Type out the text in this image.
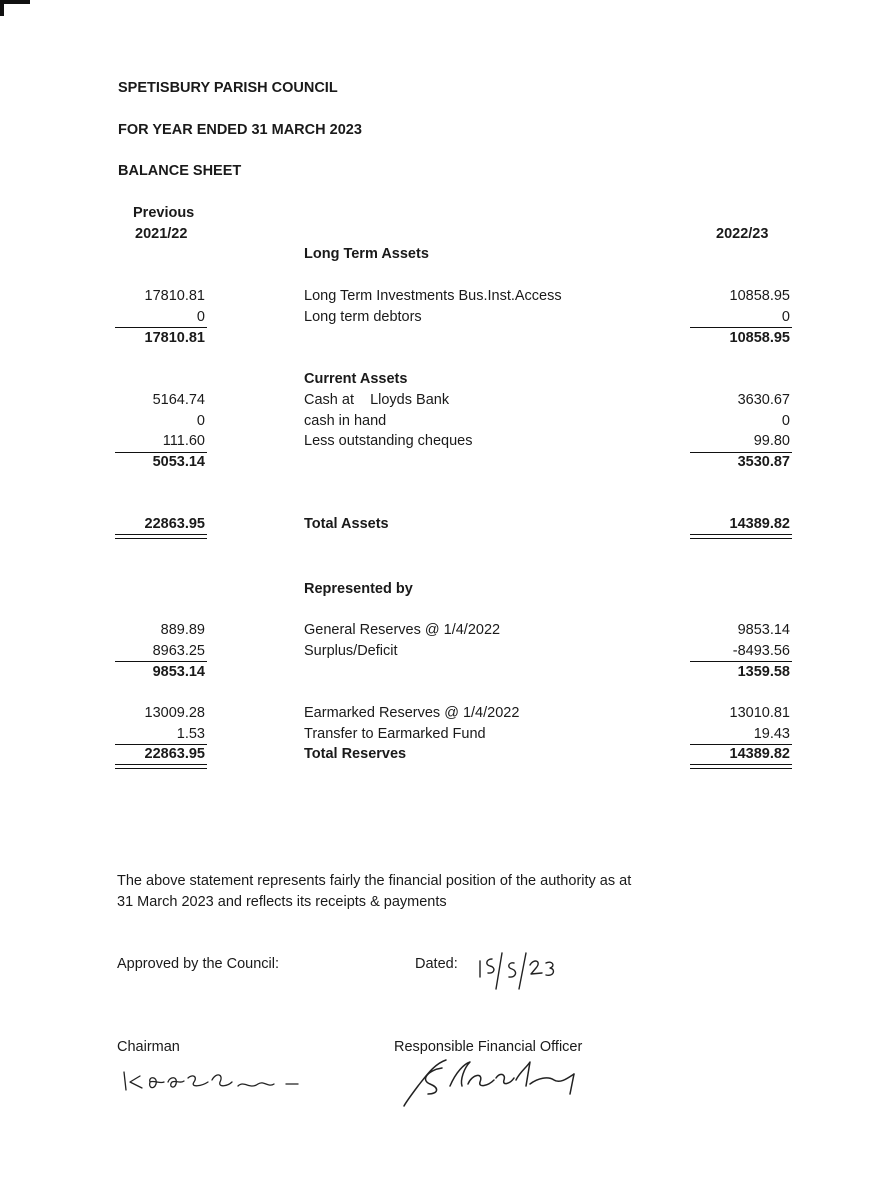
SPETISBURY PARISH COUNCIL
FOR YEAR ENDED 31 MARCH 2023
BALANCE SHEET
Previous
2021/22	2022/23
Long Term Assets
17810.81	Long Term Investments Bus.Inst.Access	10858.95
0	Long term debtors	0
17810.81	10858.95
Current Assets
5164.74	Cash at    Lloyds Bank	3630.67
0	cash in hand	0
111.60	Less outstanding cheques	99.80
5053.14	3530.87
22863.95	Total Assets	14389.82
Represented by
889.89	General Reserves @ 1/4/2022	9853.14
8963.25	Surplus/Deficit	-8493.56
9853.14	1359.58
13009.28	Earmarked Reserves @ 1/4/2022	13010.81
1.53	Transfer to Earmarked Fund	19.43
22863.95	Total Reserves	14389.82
The above statement represents fairly the financial position of the authority as at
31 March 2023 and reflects its receipts & payments
Approved by the Council:	Dated:
Chairman	Responsible Financial Officer
